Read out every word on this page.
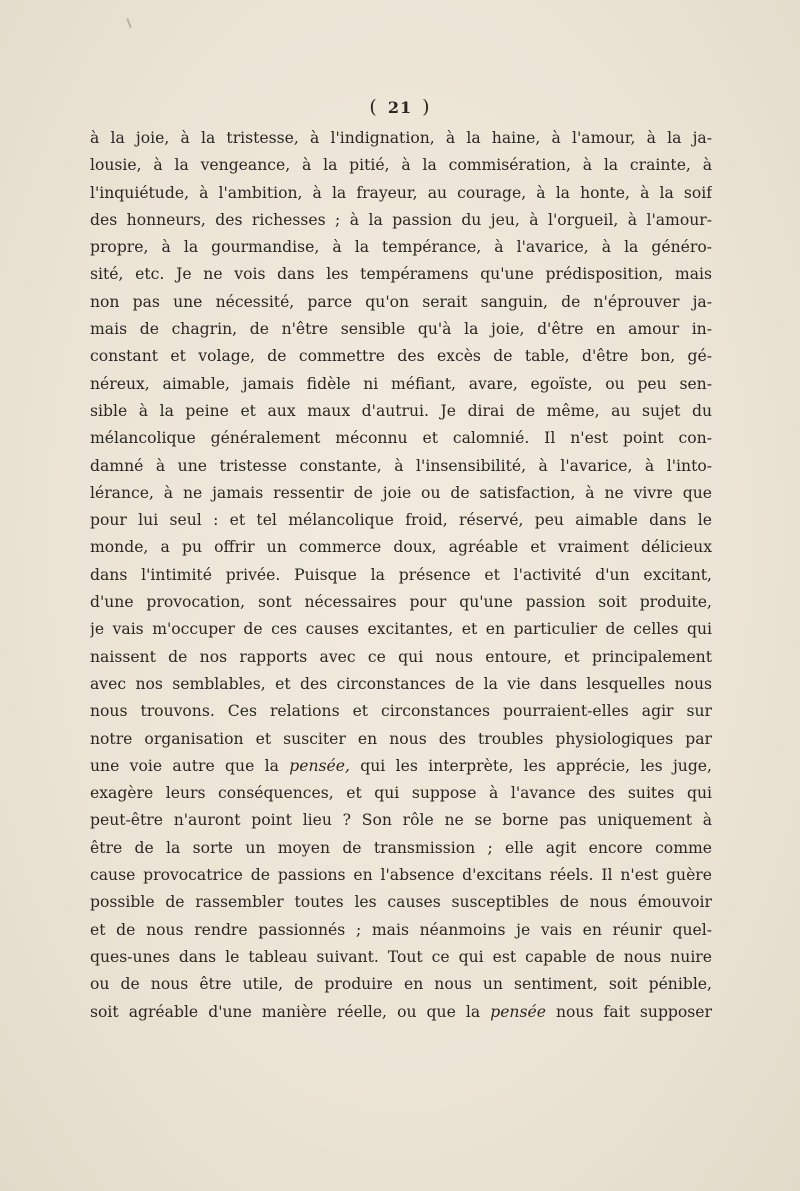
( 21 )
à la joie, à la tristesse, à l'indignation, à la haine, à l'amour, à la ja-
lousie, à la vengeance, à la pitié, à la commisération, à la crainte, à
l'inquiétude, à l'ambition, à la frayeur, au courage, à la honte, à la soif
des honneurs, des richesses ; à la passion du jeu, à l'orgueil, à l'amour-
propre, à la gourmandise, à la tempérance, à l'avarice, à la généro-
sité, etc. Je ne vois dans les tempéramens qu'une prédisposition, mais
non pas une nécessité, parce qu'on serait sanguin, de n'éprouver ja-
mais de chagrin, de n'être sensible qu'à la joie, d'être en amour in-
constant et volage, de commettre des excès de table, d'être bon, gé-
néreux, aimable, jamais fidèle ni méfiant, avare, egoïste, ou peu sen-
sible à la peine et aux maux d'autrui. Je dirai de même, au sujet du
mélancolique généralement méconnu et calomnié. Il n'est point con-
damné à une tristesse constante, à l'insensibilité, à l'avarice, à l'into-
lérance, à ne jamais ressentir de joie ou de satisfaction, à ne vivre que
pour lui seul : et tel mélancolique froid, réservé, peu aimable dans le
monde, a pu offrir un commerce doux, agréable et vraiment délicieux
dans l'intimité privée. Puisque la présence et l'activité d'un excitant,
d'une provocation, sont nécessaires pour qu'une passion soit produite,
je vais m'occuper de ces causes excitantes, et en particulier de celles qui
naissent de nos rapports avec ce qui nous entoure, et principalement
avec nos semblables, et des circonstances de la vie dans lesquelles nous
nous trouvons. Ces relations et circonstances pourraient-elles agir sur
notre organisation et susciter en nous des troubles physiologiques par
une voie autre que la pensée, qui les interprète, les apprécie, les juge,
exagère leurs conséquences, et qui suppose à l'avance des suites qui
peut-être n'auront point lieu ? Son rôle ne se borne pas uniquement à
être de la sorte un moyen de transmission ; elle agit encore comme
cause provocatrice de passions en l'absence d'excitans réels. Il n'est guère
possible de rassembler toutes les causes susceptibles de nous émouvoir
et de nous rendre passionnés ; mais néanmoins je vais en réunir quel-
ques-unes dans le tableau suivant. Tout ce qui est capable de nous nuire
ou de nous être utile, de produire en nous un sentiment, soit pénible,
soit agréable d'une manière réelle, ou que la pensée nous fait supposer
